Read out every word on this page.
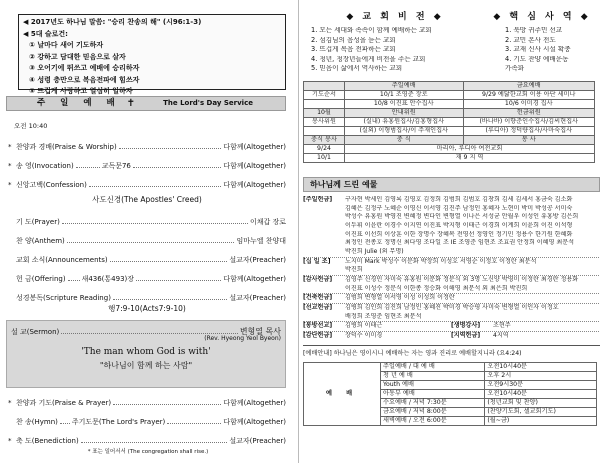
◀ 2017년도 하나님 말씀: "승리 찬송의 해" (시96:1-3)
◀ 5대 슬로건:
① 날마다 새어 기도하자
② 강하고 담대한 믿음으로 살자
③ 오어기에 뛰쓰고 예배에 승리하자
④ 성령 충만으로 복음전파에 힘쓰자
⑤ 뜨겁게 사랑하고 열심히 일하자
주 일 예 배 ✝	The Lord's Day Service
오전 10:40
* 찬양과 경배(Praise & Worship)	다함께(Altogether)
* 송 영(Invocation)	교독문76	다함께(Altogether)
* 신앙고백(Confession)	다함께(Altogether)
사도신경(The Apostles' Creed)
기 도(Prayer)	이채갑 장로
찬 양(Anthem)	임마누엘 찬양대
교회 소식(Announcements)	설교자(Preacher)
헌 금(Offering) 새436(통493)장	다함께(Altogether)
성경봉독(Scripture Reading)	설교자(Preacher)
행7:9-10(Acts7:9-10)
설 교(Sermon)	변형열 목사
(Rev. Hyeong Yeol Byeon)
'The man whom God is with'
"하나님이 함께 하는 사람"
* 찬양과 기도(Praise & Prayer)	다함께(Altogether)
찬 송(Hymn) 주기도문(The Lord's Prayer)	다함께(Altogether)
* 축 도(Benediction)	설교자(Preacher)
* 표는 일어서서 (The congregation shall rise.)
◆ 교 회 비 전 ◆	◆ 핵 심 사 역 ◆
1. 모든 세대와 족속이 함께 예배하는 교회
2. 섬김님의 음성을 듣는 교회
3. 뜨겁게 복음 전파하는 교회
4. 청년, 청장년들에게 비전을 주는 교회
5. 믿음이 삶에서 역사하는 교회
1. 북방 귀주민 선교
2. 교민 본사 전도
3. 교재 신사 시설 확충
4. 기도 찬양 예배운동
가족화
	주일예배	금요예배
기도순서	10/1 조영준 장로	9/29 예닮한교회 이용 아단 세미나
	10/8 이진표 안수집사	10/6 이미경 집사
10월	안내위원	헌금위원
봉사위원	(실내) 유홍원집사/김홍형집사	(바나바) 이향준인수집사/김씨현집사
	(실외) 이형범집사/이 주재인집사	(루디아) 정덕량집사/사마숙집사
중식 봉사	중 식	봉 사
9/24	마리아, 루디아 여전교회	
10/1	재 9 지 역	
하나님께 드린 예물
[주일헌금]	구자현 박세인 김영록 김영호 김정희 김범희 김범호 김창희 김세 김세서 홍금숙 김소화
김혜은 김정구 노혜순 이영신 이서영 김진주 남정인 홍혜자 노현미 박미 박성공 서미숙
박성수 유홍원 박영진 변혜정 변다인 변형열 이나은 서성균 안월우 이성인 유홍방 김은희
이두휘 이윤란 이경수 이지연 이진표 박지형 이태근 이경희 이계희 이윤희 이진 이석형
이진표 이선희 이상훈 이한 장명수 장혜복 전영선 정영인 정기민 정용수 한기원 한혜화
최정인 전종호 정명신 최다영 조다일 조 IE 조영준 임현조 조효권 안정희 이혜영 최문석
박진희 Julie (외 무명)
[십 일 조]	노지미 Mark 박성수 이문화 박장희 이성호 서영순 이정호 이정란 최문석
박진희
[감사헌금]	김영주 신경민 자미숙 유홍원 이문화 정문식 외 3명 노신양 박영미 이정란 최경란 정용화
이진표 이성수 정문식 이한종 정승화 이해영 최문석 외 최은희 박진희
[건축헌금]	김범희 변형열 이서영 이성 이성희 이정란
[선교헌금]	김병희 김인희 김진희 남정인 홍혜진 박미경 박승평 사미숙 변형열 이인자 이정호
배정희 조영준 임현조 최문석
[봉방선교]	김병희 이태근	[생명강사]	조현주
[감단헌금]	장덕수 이미경	[지역헌금]	4지역
[예배안내] 하나님은 영이시니 예배하는 자는 영과 진리로 예배할지니라 (요4:24)
예 배	주일예배 / 대 예 배	오전10시40분
	청 년 예 배	오후 2시
	Youth 예배	오전9시30분
	아동부 예배	오전10시40분
	수요예배 / 저녁 7:30분	(청년교회 및 찬양)
	금요예배 / 저녁 8:00분	(찬양기도회, 셀교회기도)
	새벽예배 / 오전 6:00분	(월~금)
